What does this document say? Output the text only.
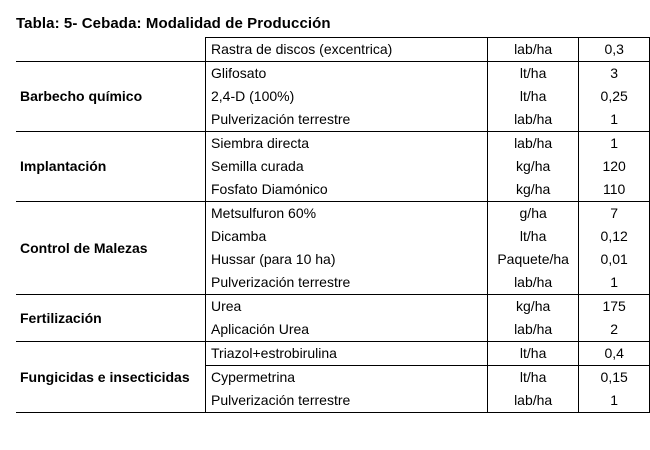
Tabla: 5- Cebada: Modalidad de Producción
	Rastra de discos (excentrica)	lab/ha	0,3
Barbecho químico	Glifosato	lt/ha	3
	2,4-D (100%)	lt/ha	0,25
	Pulverización terrestre	lab/ha	1
Implantación	Siembra directa	lab/ha	1
	Semilla curada	kg/ha	120
	Fosfato Diamónico	kg/ha	110
Control de Malezas	Metsulfuron 60%	g/ha	7
	Dicamba	lt/ha	0,12
	Hussar (para 10 ha)	Paquete/ha	0,01
	Pulverización terrestre	lab/ha	1
Fertilización	Urea	kg/ha	175
	Aplicación Urea	lab/ha	2
Fungicidas e insecticidas	Triazol+estrobirulina	lt/ha	0,4
	Cypermetrina	lt/ha	0,15
	Pulverización terrestre	lab/ha	1
